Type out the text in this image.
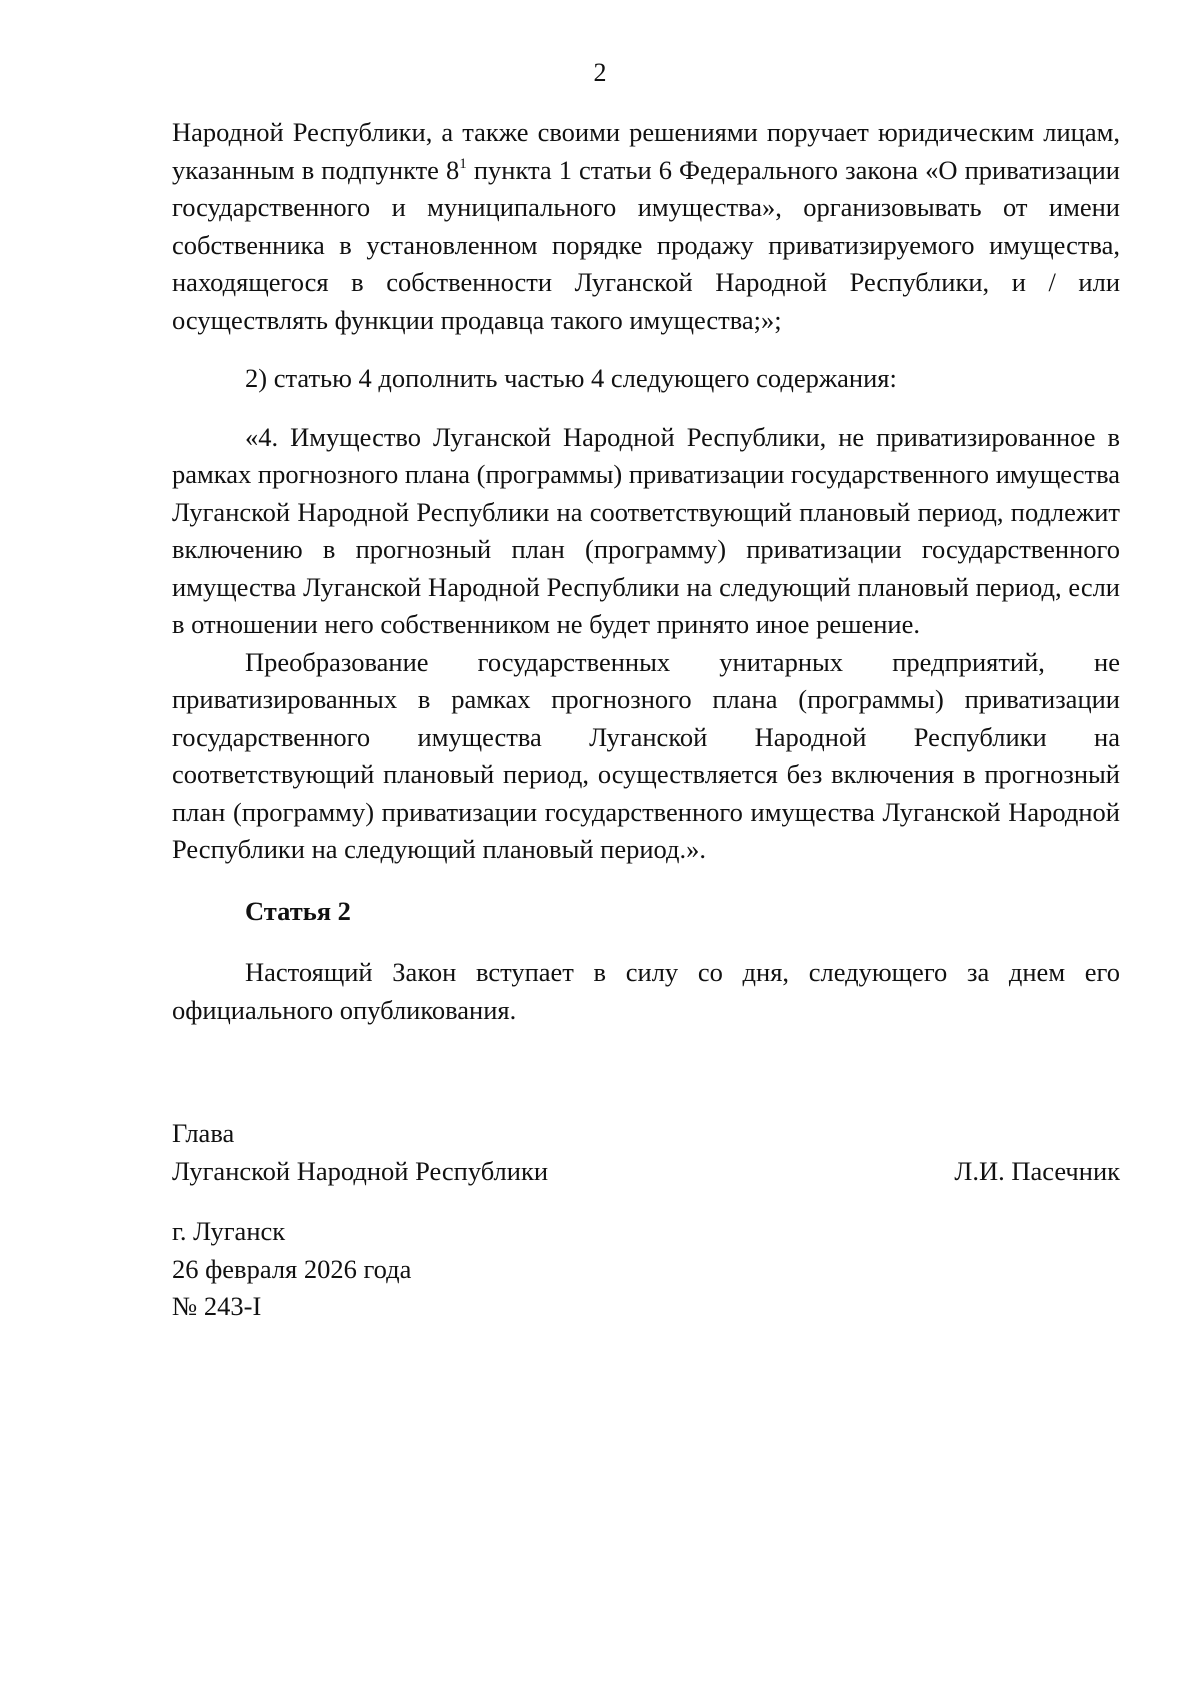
2

Народной Республики, а также своими решениями поручает юридическим лицам, указанным в подпункте $8^1$ пункта 1 статьи 6 Федерального закона «О приватизации государственного и муниципального имущества», организовывать от имени собственника в установленном порядке продажу приватизируемого имущества, находящегося в собственности Луганской Народной Республики, и / или осуществлять функции продавца такого имущества;»;

2) статью 4 дополнить частью 4 следующего содержания:

«4. Имущество Луганской Народной Республики, не приватизированное в рамках прогнозного плана (программы) приватизации государственного имущества Луганской Народной Республики на соответствующий плановый период, подлежит включению в прогнозный план (программу) приватизации государственного имущества Луганской Народной Республики на следующий плановый период, если в отношении него собственником не будет принято иное решение.

Преобразование государственных унитарных предприятий, не приватизированных в рамках прогнозного плана (программы) приватизации государственного имущества Луганской Народной Республики на соответствующий плановый период, осуществляется без включения в прогнозный план (программу) приватизации государственного имущества Луганской Народной Республики на следующий плановый период.».

Статья 2

Настоящий Закон вступает в силу со дня, следующего за днем его официального опубликования.

Глава
Луганской Народной Республики	Л.И. Пасечник
г. Луганск
26 февраля 2026 года
№ 243-I
